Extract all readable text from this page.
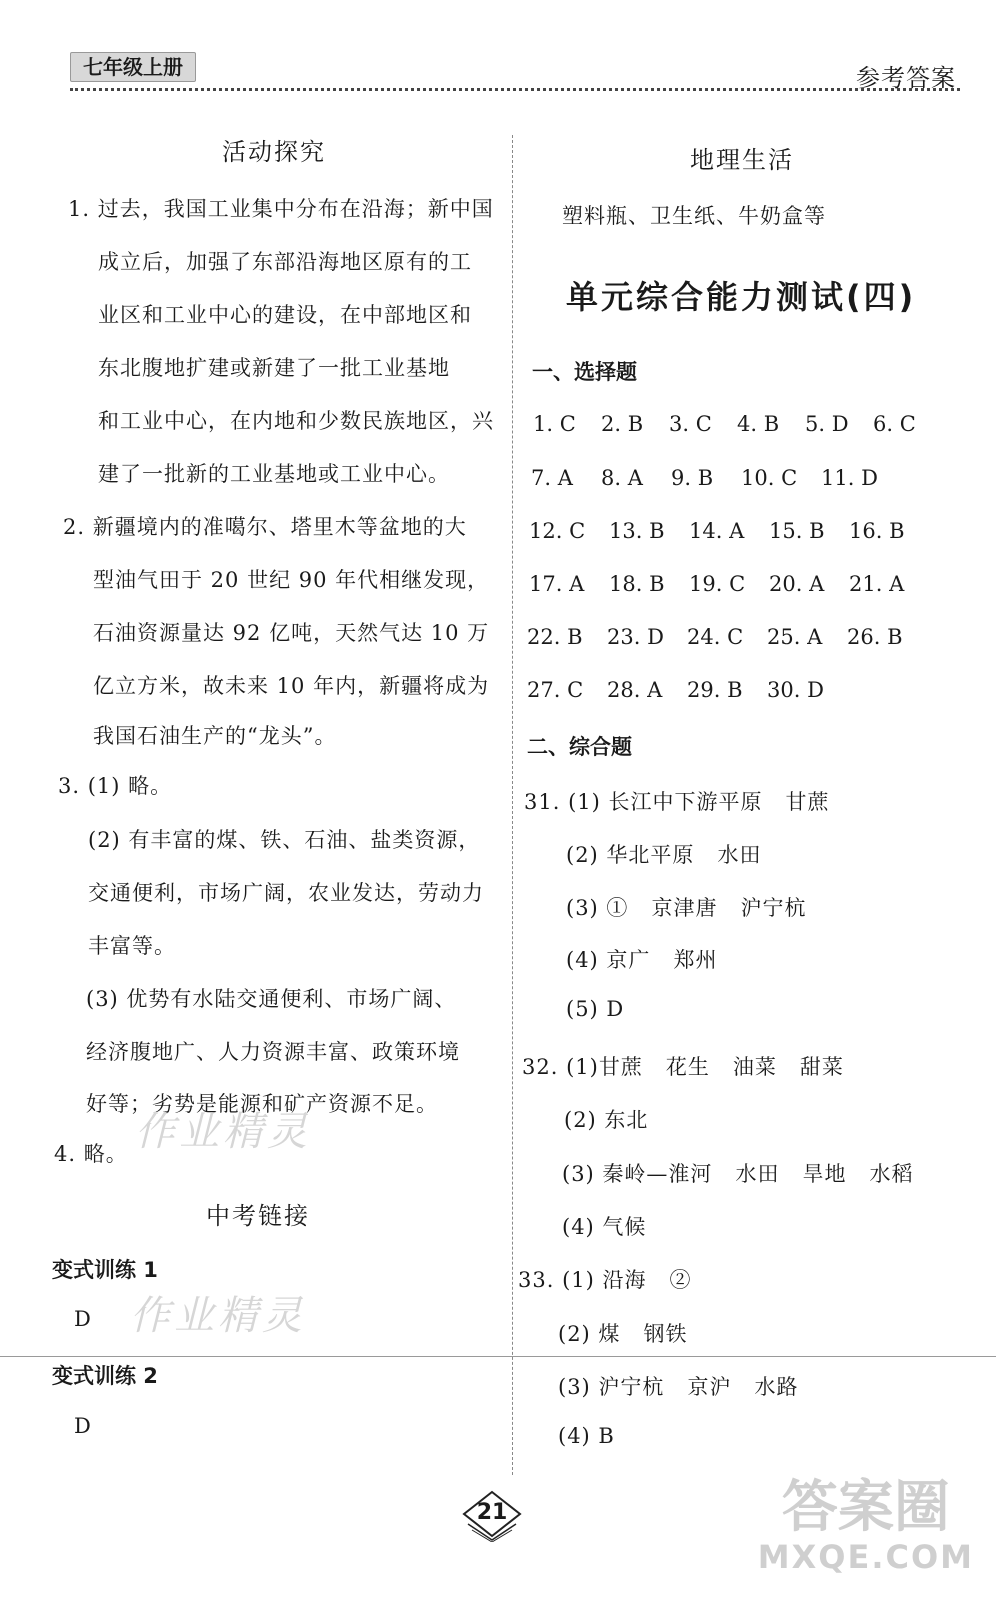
七年级上册	参考答案
活动探究
1. 过去，我国工业集中分布在沿海；新中国
成立后，加强了东部沿海地区原有的工
业区和工业中心的建设，在中部地区和
东北腹地扩建或新建了一批工业基地
和工业中心，在内地和少数民族地区，兴
建了一批新的工业基地或工业中心。
2. 新疆境内的准噶尔、塔里木等盆地的大
型油气田于 20 世纪 90 年代相继发现，
石油资源量达 92 亿吨，天然气达 10 万
亿立方米，故未来 10 年内，新疆将成为
我国石油生产的“龙头”。
3. (1) 略。
(2) 有丰富的煤、铁、石油、盐类资源，
交通便利，市场广阔，农业发达，劳动力
丰富等。
(3) 优势有水陆交通便利、市场广阔、
经济腹地广、人力资源丰富、政策环境
好等；劣势是能源和矿产资源不足。
4. 略。
中考链接
变式训练 1
D
变式训练 2
D
地理生活
塑料瓶、卫生纸、牛奶盒等
单元综合能力测试(四)
一、选择题
1. C 2. B 3. C 4. B 5. D 6. C
7. A 8. A 9. B 10. C 11. D
12. C 13. B 14. A 15. B 16. B
17. A 18. B 19. C 20. A 21. A
22. B 23. D 24. C 25. A 26. B
27. C 28. A 29. B 30. D
二、综合题
31. (1) 长江中下游平原   甘蔗
(2) 华北平原   水田
(3) ①   京津唐   沪宁杭
(4) 京广   郑州
(5) D
32. (1)甘蔗   花生   油菜   甜菜
(2) 东北
(3) 秦岭—淮河   水田   旱地   水稻
(4) 气候
33. (1) 沿海   ②
(2) 煤   钢铁
(3) 沪宁杭   京沪   水路
(4) B
作业精灵
作业精灵
21	答案圈
MXQE.COM
